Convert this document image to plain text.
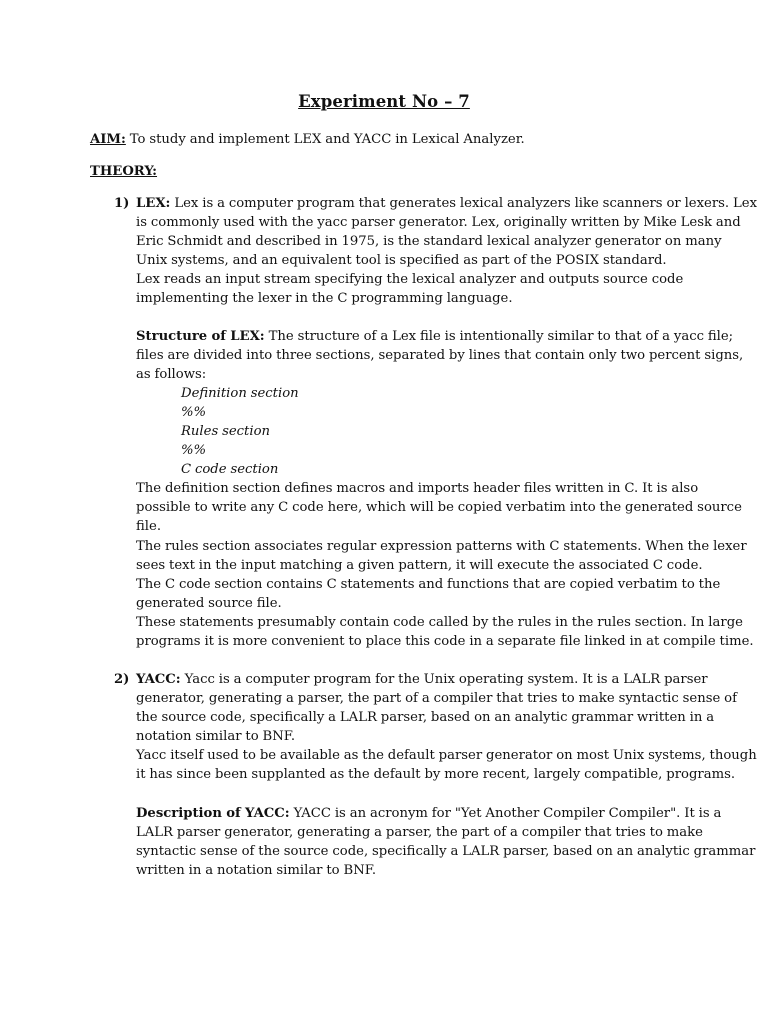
Experiment No – 7
AIM: To study and implement LEX and YACC in Lexical Analyzer.
THEORY:
1) LEX: Lex is a computer program that generates lexical analyzers like scanners or lexers. Lex
is commonly used with the yacc parser generator. Lex, originally written by Mike Lesk and
Eric Schmidt and described in 1975, is the standard lexical analyzer generator on many
Unix systems, and an equivalent tool is specified as part of the POSIX standard.
Lex reads an input stream specifying the lexical analyzer and outputs source code
implementing the lexer in the C programming language.
Structure of LEX: The structure of a Lex file is intentionally similar to that of a yacc file;
files are divided into three sections, separated by lines that contain only two percent signs,
as follows:
Definition section
%%
Rules section
%%
C code section
The definition section defines macros and imports header files written in C. It is also
possible to write any C code here, which will be copied verbatim into the generated source
file.
The rules section associates regular expression patterns with C statements. When the lexer
sees text in the input matching a given pattern, it will execute the associated C code.
The C code section contains C statements and functions that are copied verbatim to the
generated source file.
These statements presumably contain code called by the rules in the rules section. In large
programs it is more convenient to place this code in a separate file linked in at compile time.
2) YACC: Yacc is a computer program for the Unix operating system. It is a LALR parser
generator, generating a parser, the part of a compiler that tries to make syntactic sense of
the source code, specifically a LALR parser, based on an analytic grammar written in a
notation similar to BNF.
Yacc itself used to be available as the default parser generator on most Unix systems, though
it has since been supplanted as the default by more recent, largely compatible, programs.
Description of YACC: YACC is an acronym for "Yet Another Compiler Compiler". It is a
LALR parser generator, generating a parser, the part of a compiler that tries to make
syntactic sense of the source code, specifically a LALR parser, based on an analytic grammar
written in a notation similar to BNF.
